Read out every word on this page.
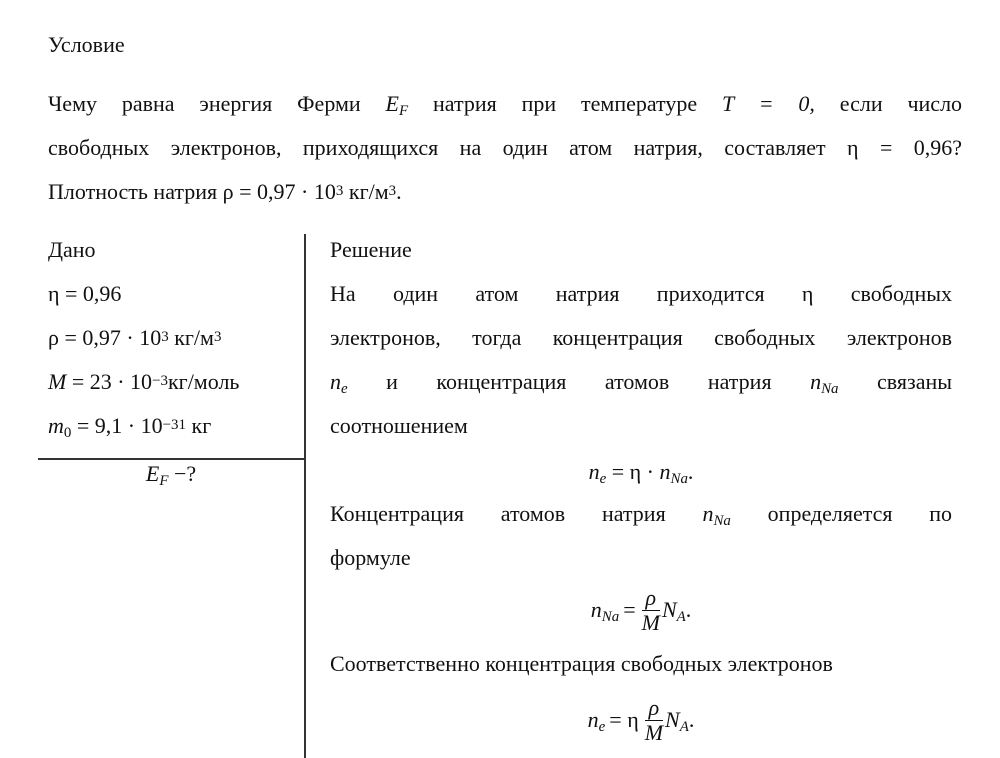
Условие
Чему равна энергия Ферми $E_F$ натрия при температуре T = 0, если число
свободных электронов, приходящихся на один атом натрия, составляет η = 0,96?
Плотность натрия $\rho = 0,97 \cdot 10^3$ $кг/м^3$.
Дано
η = 0,96
$\rho = 0,97 \cdot 10^3$ $кг/м^3$
$M = 23 \cdot 10^{-3}кг$/моль
$m_0 = 9,1 \cdot 10^{-31}$ кг
$E_F$ −?
Решение
На один атом натрия приходится η свободных
электронов, тогда концентрация свободных электронов
$n_e$ и концентрация атомов натрия $n_{Na}$ связаны
соотношением
$n_e = \eta \cdot n_{Na}$.
Концентрация атомов натрия $n_{Na}$ определяется по
формуле
$n_{Na} = \frac{\rho}{M} N_A$ .
Соответственно концентрация свободных электронов
$n_e = \eta \frac{\rho}{M} N_A$ .
